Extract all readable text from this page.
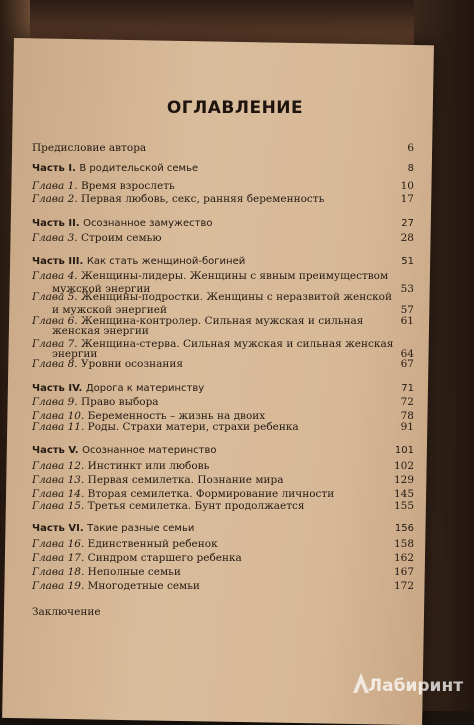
ОГЛАВЛЕНИЕ
Предисловие автора	6
Часть I. В родительской семье	8
Глава 1. Время взрослеть	10
Глава 2. Первая любовь, секс, ранняя беременность	17
Часть II. Осознанное замужество	27
Глава 3. Строим семью	28
Часть III. Как стать женщиной-богиней	51
Глава 4. Женщины-лидеры. Женщины с явным преимуществом
мужской энергии	53
Глава 5. Женщины-подростки. Женщины с неразвитой женской
и мужской энергией	57
Глава 6. Женщина-контролер. Сильная мужская и сильная	61
женская энергии
Глава 7. Женщина-стерва. Сильная мужская и сильная женская
энергии	64
Глава 8. Уровни осознания	67
Часть IV. Дорога к материнству	71
Глава 9. Право выбора	72
Глава 10. Беременность – жизнь на двоих	78
Глава 11. Роды. Страхи матери, страхи ребенка	91
Часть V. Осознанное материнство	101
Глава 12. Инстинкт или любовь	102
Глава 13. Первая семилетка. Познание мира	129
Глава 14. Вторая семилетка. Формирование личности	145
Глава 15. Третья семилетка. Бунт продолжается	155
Часть VI. Такие разные семьи	156
Глава 16. Единственный ребенок	158
Глава 17. Синдром старшего ребенка	162
Глава 18. Неполные семьи	167
Глава 19. Многодетные семьи	172
Заключение
Лабиринт
